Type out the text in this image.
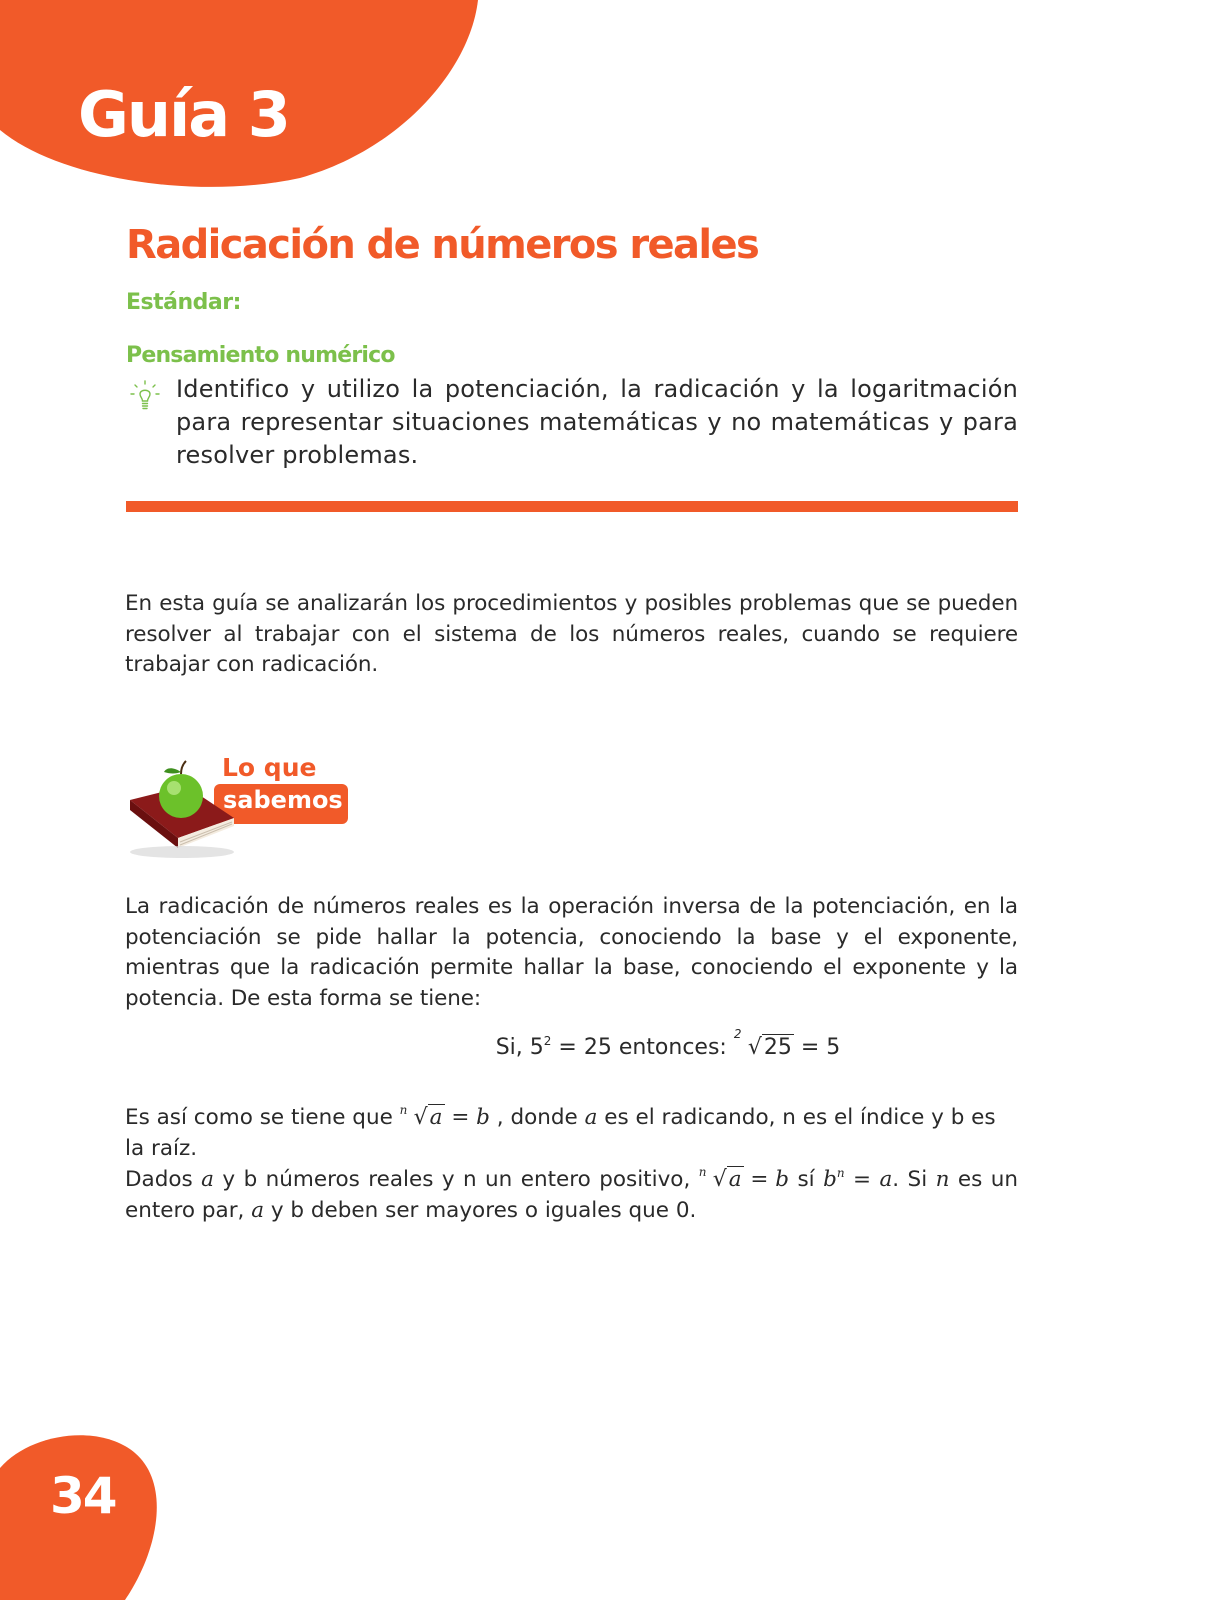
Guía 3
Radicación de números reales
Estándar:
Pensamiento numérico

Identifico y utilizo la potenciación, la radicación y la logaritmación para representar situaciones matemáticas y no matemáticas y para resolver problemas.

En esta guía se analizarán los procedimientos y posibles problemas que se pueden resolver al trabajar con el sistema de los números reales, cuando se requiere trabajar con radicación.

Lo que
sabemos

La radicación de números reales es la operación inversa de la potenciación, en la potenciación se pide hallar la potencia, conociendo la base y el exponente, mientras que la radicación permite hallar la base, conociendo el exponente y la potencia. De esta forma se tiene:

Si, $5^2 = 25$ entonces:
2
√25 = 5

Es así como se tiene que n √a = b , donde a es el radicando, n es el índice y b es la raíz.

Dados a y b números reales y n un entero positivo, n √a = b sí $b^n = a$. Si n es un entero par, a y b deben ser mayores o iguales que 0.

34
